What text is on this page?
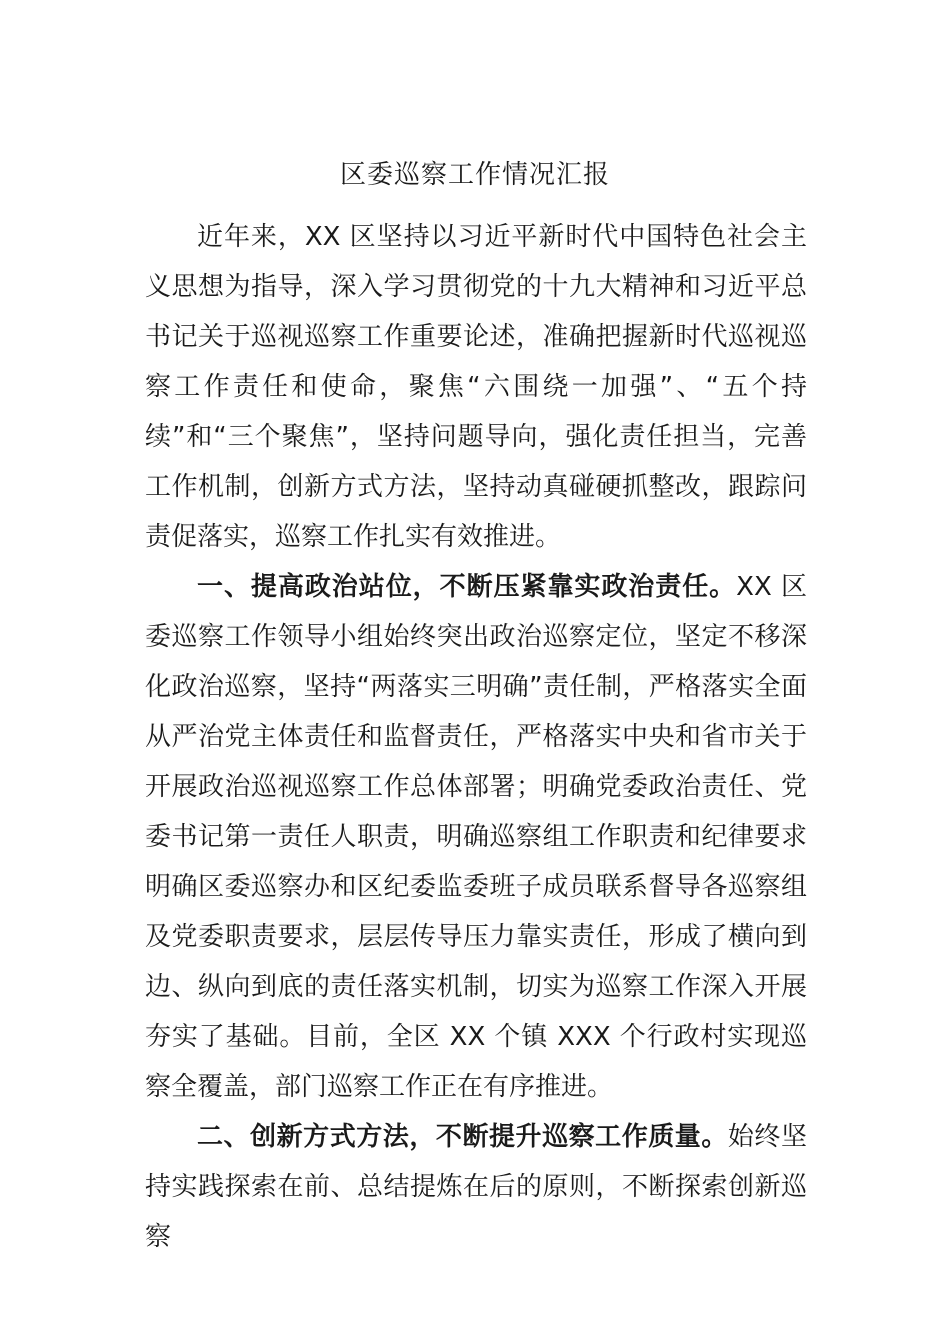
区委巡察工作情况汇报

近年来，XX 区坚持以习近平新时代中国特色社会主义思想为指导，深入学习贯彻党的十九大精神和习近平总书记关于巡视巡察工作重要论述，准确把握新时代巡视巡察工作责任和使命，聚焦“六围绕一加强”、“五个持续”和“三个聚焦”，坚持问题导向，强化责任担当，完善工作机制，创新方式方法，坚持动真碰硬抓整改，跟踪问责促落实，巡察工作扎实有效推进。

一、提高政治站位，不断压紧靠实政治责任。XX 区委巡察工作领导小组始终突出政治巡察定位，坚定不移深化政治巡察，坚持“两落实三明确”责任制，严格落实全面从严治党主体责任和监督责任，严格落实中央和省市关于开展政治巡视巡察工作总体部署；明确党委政治责任、党委书记第一责任人职责，明确巡察组工作职责和纪律要求明确区委巡察办和区纪委监委班子成员联系督导各巡察组及党委职责要求，层层传导压力靠实责任，形成了横向到边、纵向到底的责任落实机制，切实为巡察工作深入开展夯实了基础。目前，全区 XX 个镇 XXX 个行政村实现巡察全覆盖，部门巡察工作正在有序推进。

二、创新方式方法，不断提升巡察工作质量。始终坚持实践探索在前、总结提炼在后的原则，不断探索创新巡察
